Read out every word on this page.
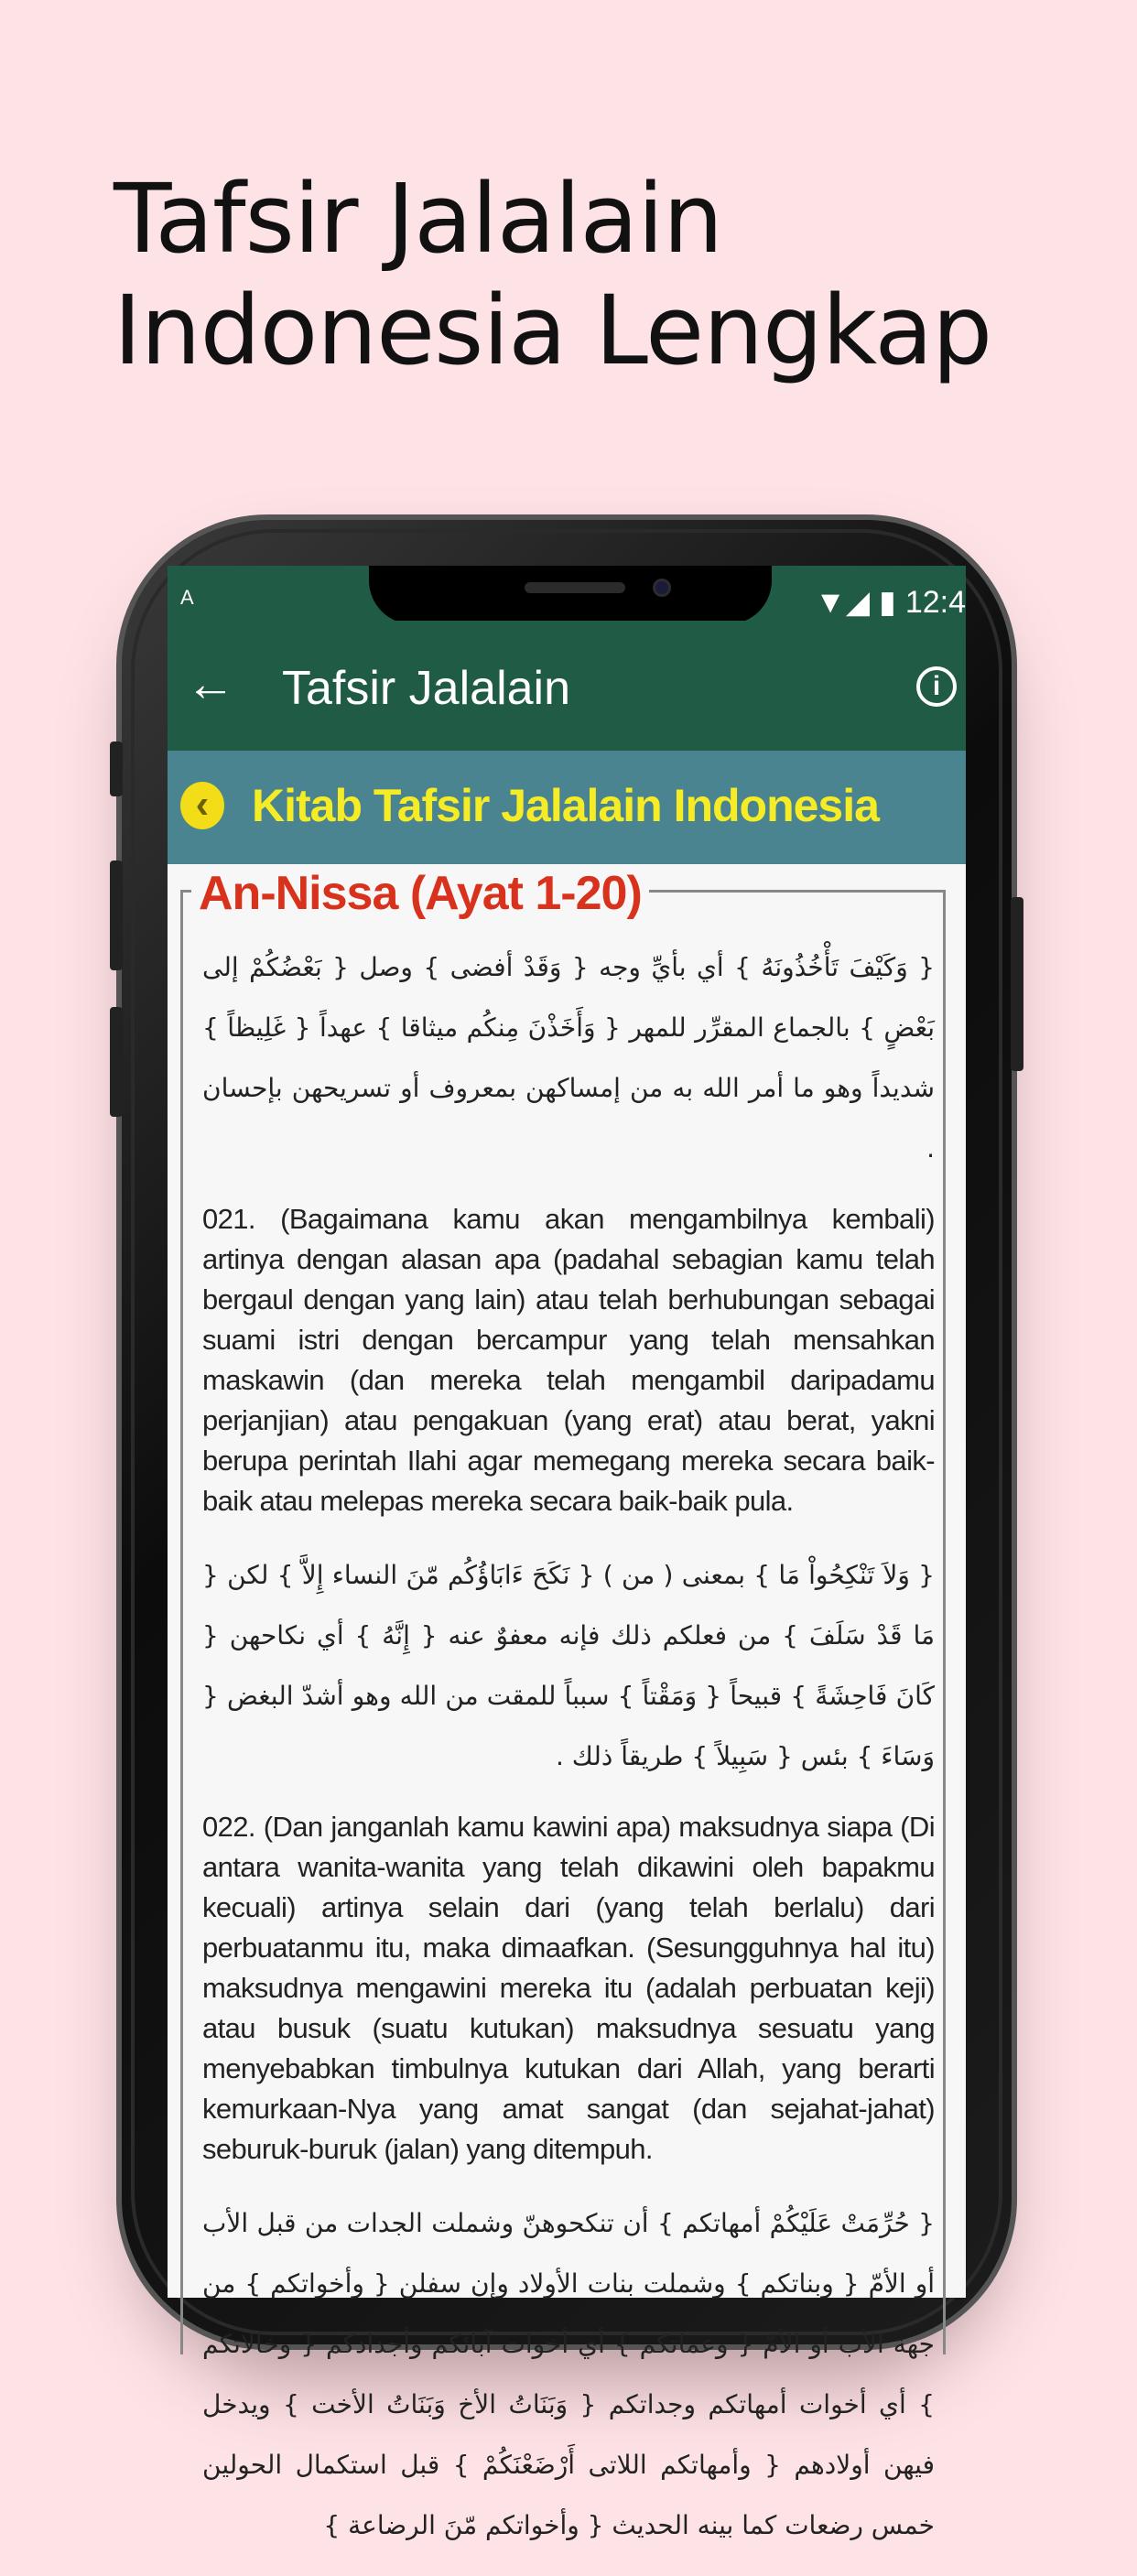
Tafsir Jalalain
Indonesia Lengkap
A	▼◢ ▮ 12:4
← Tafsir Jalalain	i
‹ Kitab Tafsir Jalalain Indonesia
An-Nissa (Ayat 1-20)

{ وَكَيْفَ تَأْخُذُونَهُ } أي بأيِّ وجه { وَقَدْ أفضى } وصل { بَعْضُكُمْ إلى بَعْضٍ } بالجماع المقرِّر للمهر { وَأَخَذْنَ مِنكُم ميثاقا } عهداً { غَلِيظاً } شديداً وهو ما أمر الله به من إمساكهن بمعروف أو تسريحهن بإحسان .

021. (Bagaimana kamu akan mengambilnya kembali) artinya dengan alasan apa (padahal sebagian kamu telah bergaul dengan yang lain) atau telah berhubungan sebagai suami istri dengan bercampur yang telah mensahkan maskawin (dan mereka telah mengambil daripadamu perjanjian) atau pengakuan (yang erat) atau berat, yakni berupa perintah Ilahi agar memegang mereka secara baik-baik atau melepas mereka secara baik-baik pula.

{ وَلاَ تَنْكِحُواْ مَا } بمعنى ( من ) { نَكَحَ ءَابَاؤُكُم مّنَ النساء إِلاَّ } لكن { مَا قَدْ سَلَفَ } من فعلكم ذلك فإنه معفوٌ عنه { إِنَّهُ } أي نكاحهن { كَانَ فَاحِشَةً } قبيحاً { وَمَقْتاً } سبباً للمقت من الله وهو أشدّ البغض { وَسَاءَ } بئس { سَبِيلاً } طريقاً ذلك .

022. (Dan janganlah kamu kawini apa) maksudnya siapa (Di antara wanita-wanita yang telah dikawini oleh bapakmu kecuali) artinya selain dari (yang telah berlalu) dari perbuatanmu itu, maka dimaafkan. (Sesungguhnya hal itu) maksudnya mengawini mereka itu (adalah perbuatan keji) atau busuk (suatu kutukan) maksudnya sesuatu yang menyebabkan timbulnya kutukan dari Allah, yang berarti kemurkaan-Nya yang amat sangat (dan sejahat-jahat) seburuk-buruk (jalan) yang ditempuh.

{ حُرِّمَتْ عَلَيْكُمْ أمهاتكم } أن تنكحوهنّ وشملت الجدات من قبل الأب أو الأمّ { وبناتكم } وشملت بنات الأولاد وإن سفلن { وأخواتكم } من جهة الأب أو الأمّ { وعماتكم } أي أخوات آبائكم وأجدادكم { وخالاتكم } أي أخوات أمهاتكم وجداتكم { وَبَنَاتُ الأخ وَبَنَاتُ الأخت } ويدخل فيهن أولادهم { وأمهاتكم اللاتى أَرْضَعْنَكُمْ } قبل استكمال الحولين خمس رضعات كما بينه الحديث { وأخواتكم مّنَ الرضاعة }
